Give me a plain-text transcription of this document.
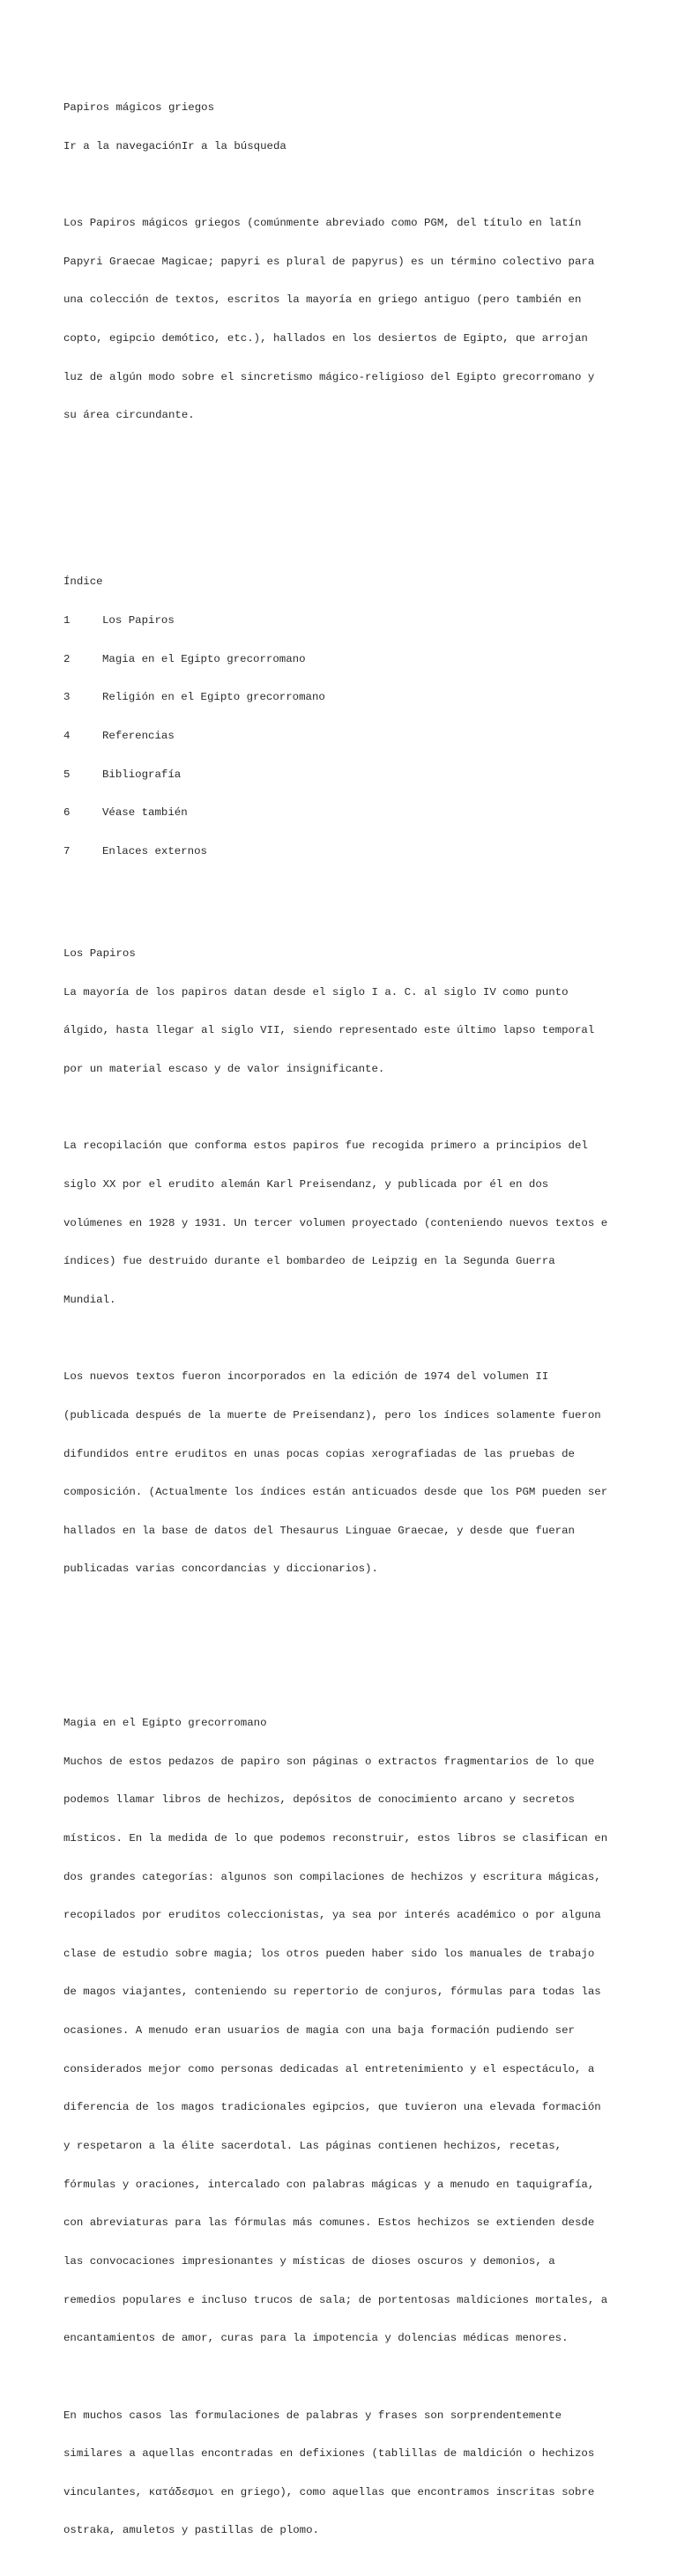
Papiros mágicos griegos

Ir a la navegaciónIr a la búsqueda

Los Papiros mágicos griegos (comúnmente abreviado como PGM, del título en latín

Papyri Graecae Magicae; papyri es plural de papyrus) es un término colectivo para

una colección de textos, escritos la mayoría en griego antiguo (pero también en

copto, egipcio demótico, etc.), hallados en los desiertos de Egipto, que arrojan

luz de algún modo sobre el sincretismo mágico-religioso del Egipto grecorromano y

su área circundante.

Índice

1	Los Papiros

2	Magia en el Egipto grecorromano

3	Religión en el Egipto grecorromano

4	Referencias

5	Bibliografía

6	Véase también

7	Enlaces externos

Los Papiros

La mayoría de los papiros datan desde el siglo I a. C. al siglo IV como punto

álgido, hasta llegar al siglo VII, siendo representado este último lapso temporal

por un material escaso y de valor insignificante.

La recopilación que conforma estos papiros fue recogida primero a principios del

siglo XX por el erudito alemán Karl Preisendanz, y publicada por él en dos

volúmenes en 1928 y 1931. Un tercer volumen proyectado (conteniendo nuevos textos e

índices) fue destruido durante el bombardeo de Leipzig en la Segunda Guerra

Mundial.

Los nuevos textos fueron incorporados en la edición de 1974 del volumen II

(publicada después de la muerte de Preisendanz), pero los índices solamente fueron

difundidos entre eruditos en unas pocas copias xerografiadas de las pruebas de

composición. (Actualmente los índices están anticuados desde que los PGM pueden ser

hallados en la base de datos del Thesaurus Linguae Graecae, y desde que fueran

publicadas varias concordancias y diccionarios).

Magia en el Egipto grecorromano

Muchos de estos pedazos de papiro son páginas o extractos fragmentarios de lo que

podemos llamar libros de hechizos, depósitos de conocimiento arcano y secretos

místicos. En la medida de lo que podemos reconstruir, estos libros se clasifican en

dos grandes categorías: algunos son compilaciones de hechizos y escritura mágicas,

recopilados por eruditos coleccionistas, ya sea por interés académico o por alguna

clase de estudio sobre magia; los otros pueden haber sido los manuales de trabajo

de magos viajantes, conteniendo su repertorio de conjuros, fórmulas para todas las

ocasiones. A menudo eran usuarios de magia con una baja formación pudiendo ser

considerados mejor como personas dedicadas al entretenimiento y el espectáculo, a

diferencia de los magos tradicionales egipcios, que tuvieron una elevada formación

y respetaron a la élite sacerdotal. Las páginas contienen hechizos, recetas,

fórmulas y oraciones, intercalado con palabras mágicas y a menudo en taquigrafía,

con abreviaturas para las fórmulas más comunes. Estos hechizos se extienden desde

las convocaciones impresionantes y místicas de dioses oscuros y demonios, a

remedios populares e incluso trucos de sala; de portentosas maldiciones mortales, a

encantamientos de amor, curas para la impotencia y dolencias médicas menores.

En muchos casos las formulaciones de palabras y frases son sorprendentemente

similares a aquellas encontradas en defixiones (tablillas de maldición o hechizos

vinculantes, κατάδεσμοι en griego), como aquellas que encontramos inscritas sobre

ostraka, amuletos y pastillas de plomo.
